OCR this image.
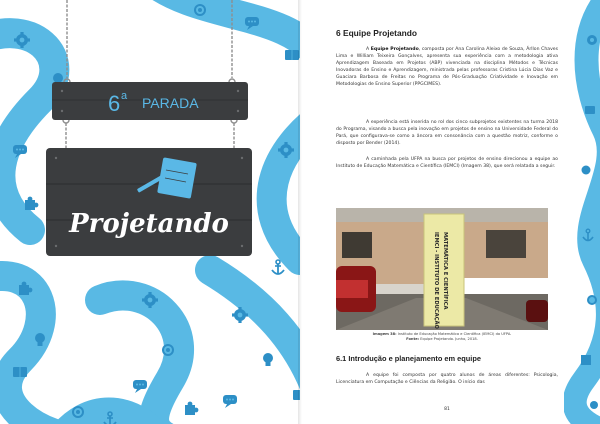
6 a PARADA
Projetando
6 Equipe Projetando

A Equipe Projetando, composta por Ana Carolina Aleixo de Souza, Árllon Chaves Lima e William Teixeira Gonçalves, apresenta sua experiência com a metodologia ativa Aprendizagem Baseada em Projetos (ABP) vivenciada na disciplina Métodos e Técnicas Inovadoras de Ensino e Aprendizagem, ministrada pelas professoras Cristina Lúcia Dias Vaz e Guaciara Barbosa de Freitas no Programa de Pós-Graduação Criatividade e Inovação em Metodologias de Ensino Superior (PPGCIMES).

A experiência está inserida no rol dos cinco subprojetos existentes na turma 2018 do Programa, visando a busca pela inovação em projetos de ensino na Universidade Federal do Pará, que configurava-se como a âncora em consonância com a questão motriz, conforme o disposto por Bender (2014).

A caminhada pela UFPA na busca por projetos de ensino direcionou a equipe ao Instituto de Educação Matemática e Científica (IEMCI) (Imagem 38), que será relatada a seguir.

IEMCI - INSTITUTO DE EDUCAÇÃO MATEMÁTICA E CIENTÍFICA
Imagem 38: Instituto de Educação Matemática e Científica (IEMCI) da UFPA.
Fonte: Equipe Projetando. Junho, 2018.
6.1 Introdução e planejamento em equipe

A equipe foi composta por quatro alunos de áreas diferentes: Psicologia, Licenciatura em Computação e Ciências da Religião. O início das

81
